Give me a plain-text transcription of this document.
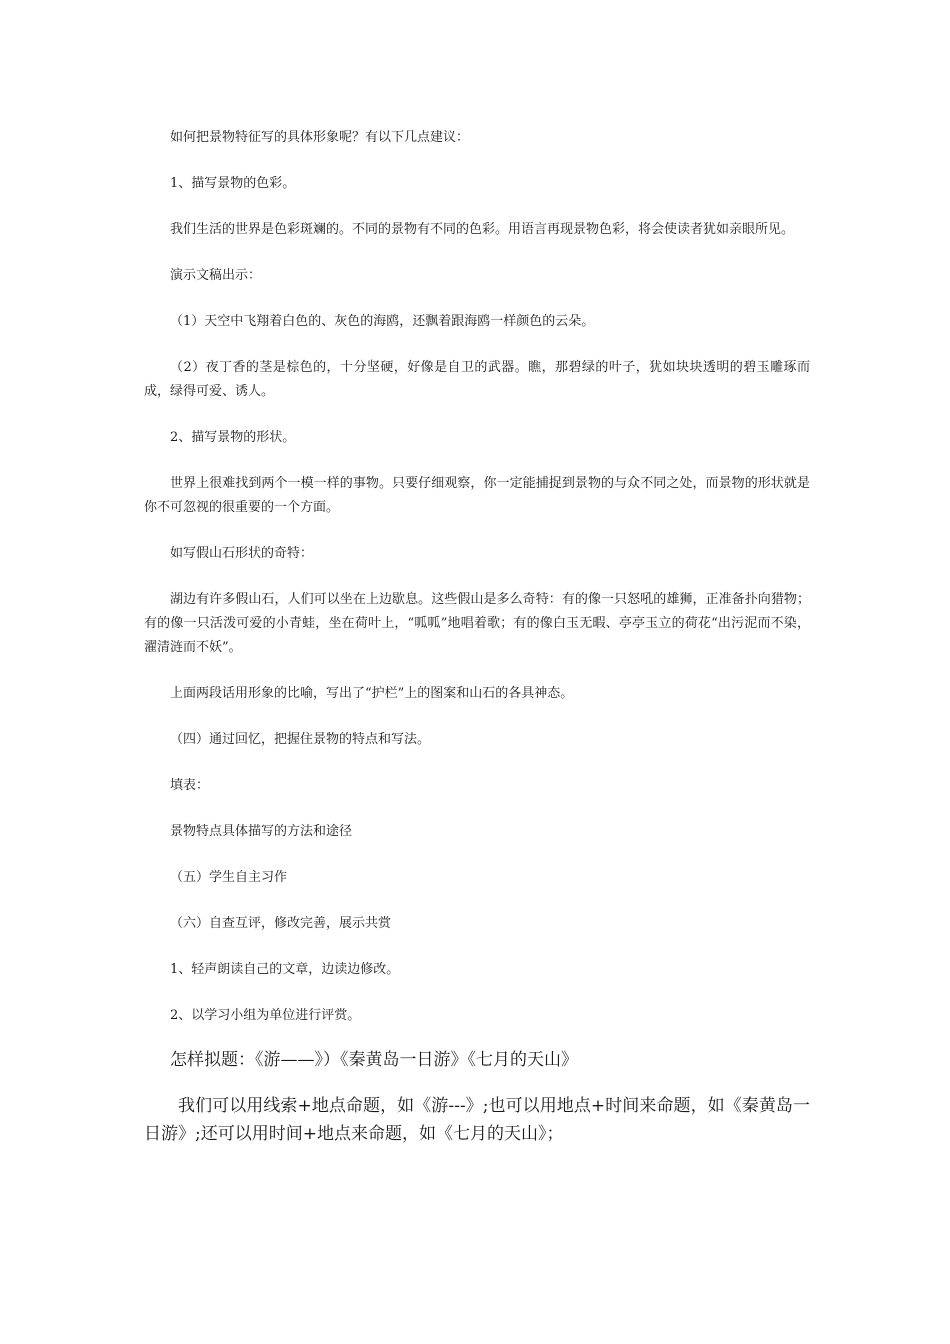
如何把景物特征写的具体形象呢？有以下几点建议：

1、描写景物的色彩。

我们生活的世界是色彩斑斓的。不同的景物有不同的色彩。用语言再现景物色彩，将会使读者犹如亲眼所见。

演示文稿出示：

（1）天空中飞翔着白色的、灰色的海鸥，还飘着跟海鸥一样颜色的云朵。

（2）夜丁香的茎是棕色的，十分坚硬，好像是自卫的武器。瞧，那碧绿的叶子，犹如块块透明的碧玉雕琢而成，绿得可爱、诱人。

2、描写景物的形状。

世界上很难找到两个一模一样的事物。只要仔细观察，你一定能捕捉到景物的与众不同之处，而景物的形状就是你不可忽视的很重要的一个方面。

如写假山石形状的奇特：

湖边有许多假山石，人们可以坐在上边歇息。这些假山是多么奇特：有的像一只怒吼的雄狮，正准备扑向猎物；有的像一只活泼可爱的小青蛙，坐在荷叶上，“呱呱”地唱着歌；有的像白玉无暇、亭亭玉立的荷花“出污泥而不染，濯清涟而不妖”。

上面两段话用形象的比喻，写出了“护栏”上的图案和山石的各具神态。

（四）通过回忆，把握住景物的特点和写法。

填表：

景物特点具体描写的方法和途径

（五）学生自主习作

（六）自查互评，修改完善，展示共赏

1、轻声朗读自己的文章，边读边修改。

2、以学习小组为单位进行评赏。

怎样拟题：《游——》）《秦黄岛一日游》《七月的天山》

我们可以用线索+地点命题，如《游---》;也可以用地点+时间来命题，如《秦黄岛一日游》;还可以用时间+地点来命题，如《七月的天山》；
